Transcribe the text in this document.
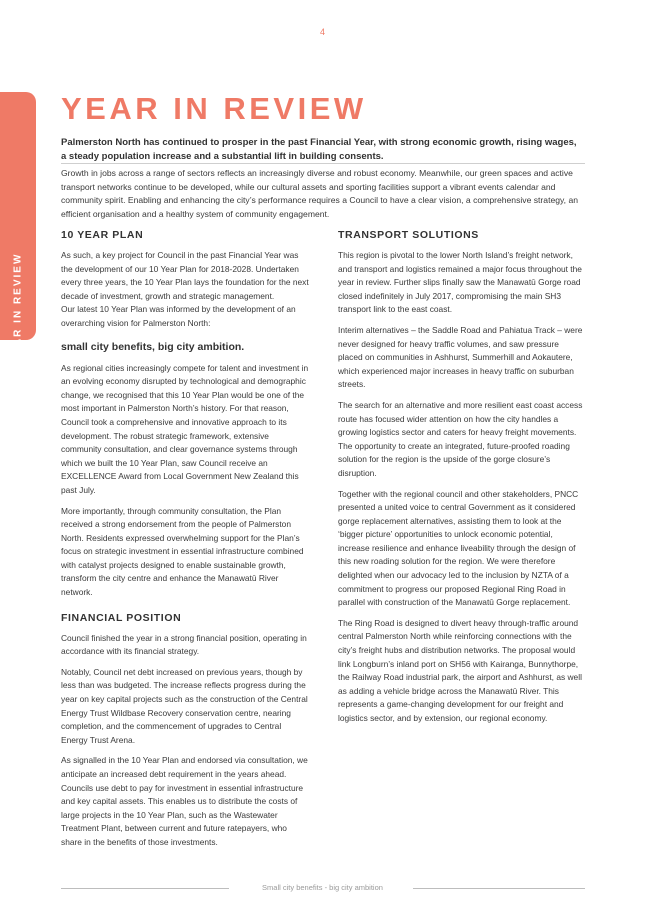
4
YEAR IN REVIEW
YEAR IN REVIEW

Palmerston North has continued to prosper in the past Financial Year, with strong economic growth, rising wages, a steady population increase and a substantial lift in building consents.

Growth in jobs across a range of sectors reflects an increasingly diverse and robust economy. Meanwhile, our green spaces and active transport networks continue to be developed, while our cultural assets and sporting facilities support a vibrant events calendar and community spirit. Enabling and enhancing the city’s performance requires a Council to have a clear vision, a comprehensive strategy, an efficient organisation and a healthy system of community engagement.

10 YEAR PLAN

As such, a key project for Council in the past Financial Year was the development of our 10 Year Plan for 2018-2028. Undertaken every three years, the 10 Year Plan lays the foundation for the next decade of investment, growth and strategic management.

Our latest 10 Year Plan was informed by the development of an overarching vision for Palmerston North:

small city benefits, big city ambition.

As regional cities increasingly compete for talent and investment in an evolving economy disrupted by technological and demographic change, we recognised that this 10 Year Plan would be one of the most important in Palmerston North’s history. For that reason, Council took a comprehensive and innovative approach to its development. The robust strategic framework, extensive community consultation, and clear governance systems through which we built the 10 Year Plan, saw Council receive an EXCELLENCE Award from Local Government New Zealand this past July.

More importantly, through community consultation, the Plan received a strong endorsement from the people of Palmerston North. Residents expressed overwhelming support for the Plan’s focus on strategic investment in essential infrastructure combined with catalyst projects designed to enable sustainable growth, transform the city centre and enhance the Manawatū River network.

FINANCIAL POSITION

Council finished the year in a strong financial position, operating in accordance with its financial strategy.

Notably, Council net debt increased on previous years, though by less than was budgeted. The increase reflects progress during the year on key capital projects such as the construction of the Central Energy Trust Wildbase Recovery conservation centre, nearing completion, and the commencement of upgrades to Central Energy Trust Arena.

As signalled in the 10 Year Plan and endorsed via consultation, we anticipate an increased debt requirement in the years ahead. Councils use debt to pay for investment in essential infrastructure and key capital assets. This enables us to distribute the costs of large projects in the 10 Year Plan, such as the Wastewater Treatment Plant, between current and future ratepayers, who share in the benefits of those investments.

TRANSPORT SOLUTIONS

This region is pivotal to the lower North Island’s freight network, and transport and logistics remained a major focus throughout the year in review. Further slips finally saw the Manawatū Gorge road closed indefinitely in July 2017, compromising the main SH3 transport link to the east coast.

Interim alternatives – the Saddle Road and Pahiatua Track – were never designed for heavy traffic volumes, and saw pressure placed on communities in Ashhurst, Summerhill and Aokautere, which experienced major increases in heavy traffic on suburban streets.

The search for an alternative and more resilient east coast access route has focused wider attention on how the city handles a growing logistics sector and caters for heavy freight movements. The opportunity to create an integrated, future-proofed roading solution for the region is the upside of the gorge closure’s disruption.

Together with the regional council and other stakeholders, PNCC presented a united voice to central Government as it considered gorge replacement alternatives, assisting them to look at the ‘bigger picture’ opportunities to unlock economic potential, increase resilience and enhance liveability through the design of this new roading solution for the region. We were therefore delighted when our advocacy led to the inclusion by NZTA of a commitment to progress our proposed Regional Ring Road in parallel with construction of the Manawatū Gorge replacement.

The Ring Road is designed to divert heavy through-traffic around central Palmerston North while reinforcing connections with the city’s freight hubs and distribution networks. The proposal would link Longburn’s inland port on SH56 with Kairanga, Bunnythorpe, the Railway Road industrial park, the airport and Ashhurst, as well as adding a vehicle bridge across the Manawatū River. This represents a game-changing development for our freight and logistics sector, and by extension, our regional economy.

Small city benefits - big city ambition
